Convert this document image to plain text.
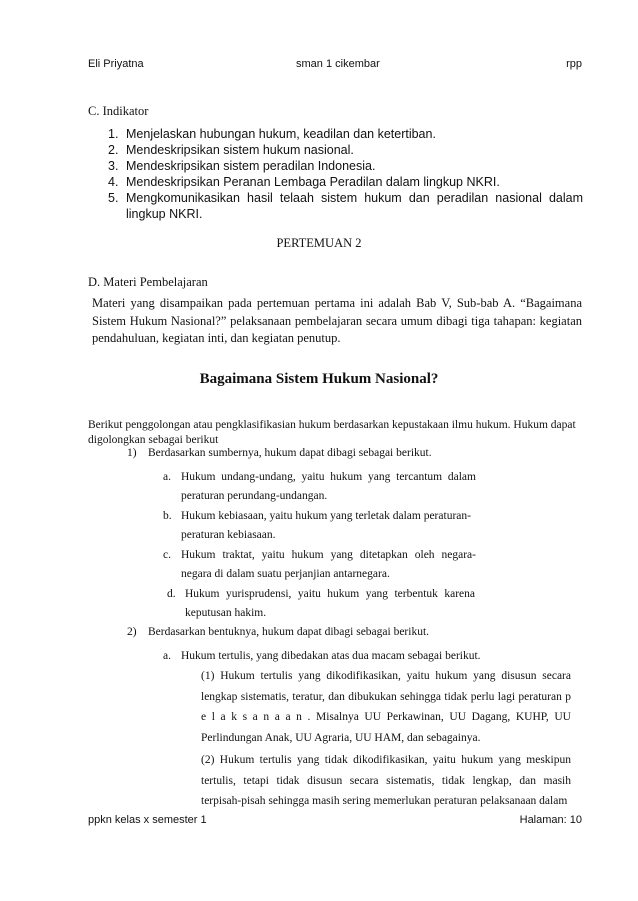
Eli Priyatna	sman 1 cikembar	rpp
C. Indikator
1. Menjelaskan hubungan hukum, keadilan dan ketertiban.
2. Mendeskripsikan sistem hukum nasional.
3. Mendeskripsikan sistem peradilan Indonesia.
4. Mendeskripsikan Peranan Lembaga Peradilan dalam lingkup NKRI.
5. Mengkomunikasikan hasil telaah sistem hukum dan peradilan nasional dalam lingkup NKRI.
PERTEMUAN 2
D. Materi Pembelajaran
Materi yang disampaikan pada pertemuan pertama ini adalah Bab V, Sub-bab A. “Bagaimana Sistem Hukum Nasional?” pelaksanaan pembelajaran secara umum dibagi tiga tahapan: kegiatan pendahuluan, kegiatan inti, dan kegiatan penutup.
Bagaimana Sistem Hukum Nasional?
Berikut penggolongan atau pengklasifikasian hukum berdasarkan kepustakaan ilmu hukum. Hukum dapat digolongkan sebagai berikut
1) Berdasarkan sumbernya, hukum dapat dibagi sebagai berikut.
a. Hukum undang-undang, yaitu hukum yang tercantum dalam peraturan perundang-undangan.
b. Hukum kebiasaan, yaitu hukum yang terletak dalam peraturan-peraturan kebiasaan.
c. Hukum traktat, yaitu hukum yang ditetapkan oleh negara-negara di dalam suatu perjanjian antarnegara.
d. Hukum yurisprudensi, yaitu hukum yang terbentuk karena keputusan hakim.
2) Berdasarkan bentuknya, hukum dapat dibagi sebagai berikut.
a. Hukum tertulis, yang dibedakan atas dua macam sebagai berikut.
(1) Hukum tertulis yang dikodifikasikan, yaitu hukum yang disusun secara lengkap sistematis, teratur, dan dibukukan sehingga tidak perlu lagi peraturan p e l a k s a n a a n . Misalnya UU Perkawinan, UU Dagang, KUHP, UU Perlindungan Anak, UU Agraria, UU HAM, dan sebagainya.
(2) Hukum tertulis yang tidak dikodifikasikan, yaitu hukum yang meskipun tertulis, tetapi tidak disusun secara sistematis, tidak lengkap, dan masih terpisah-pisah sehingga masih sering memerlukan peraturan pelaksanaan dalam
ppkn kelas x semester 1	Halaman: 10
